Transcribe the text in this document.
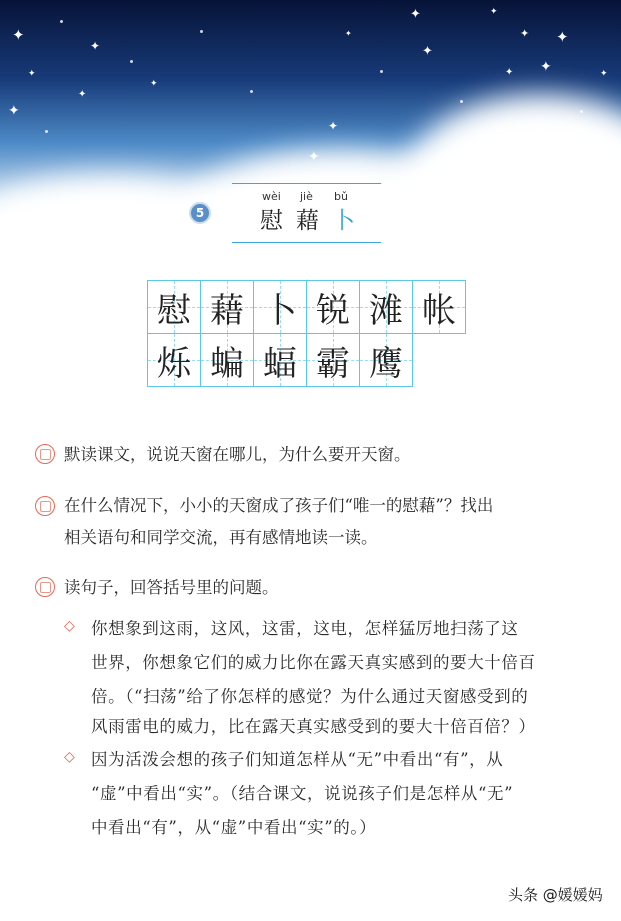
✦
✦
✦
✦
✦
✦
✦
✦ ✦
✦
✦
✦	✦
✦
✦
✦
✦
5
wèi jiè bǔ
慰 藉 卜
慰 藉 卜 锐 滩 帐
烁 蝙 蝠 霸 鹰
默读课文，说说天窗在哪儿，为什么要开天窗。
在什么情况下，小小的天窗成了孩子们“唯一的慰藉”？找出
相关语句和同学交流，再有感情地读一读。
读句子，回答括号里的问题。
◇ 你想象到这雨，这风，这雷，这电，怎样猛厉地扫荡了这
世界，你想象它们的威力比你在露天真实感到的要大十倍百
倍。（“扫荡”给了你怎样的感觉？为什么通过天窗感受到的
风雨雷电的威力，比在露天真实感受到的要大十倍百倍？）
◇ 因为活泼会想的孩子们知道怎样从“无”中看出“有”，从
“虚”中看出“实”。（结合课文，说说孩子们是怎样从“无”
中看出“有”，从“虚”中看出“实”的。）
头条 @媛媛妈
